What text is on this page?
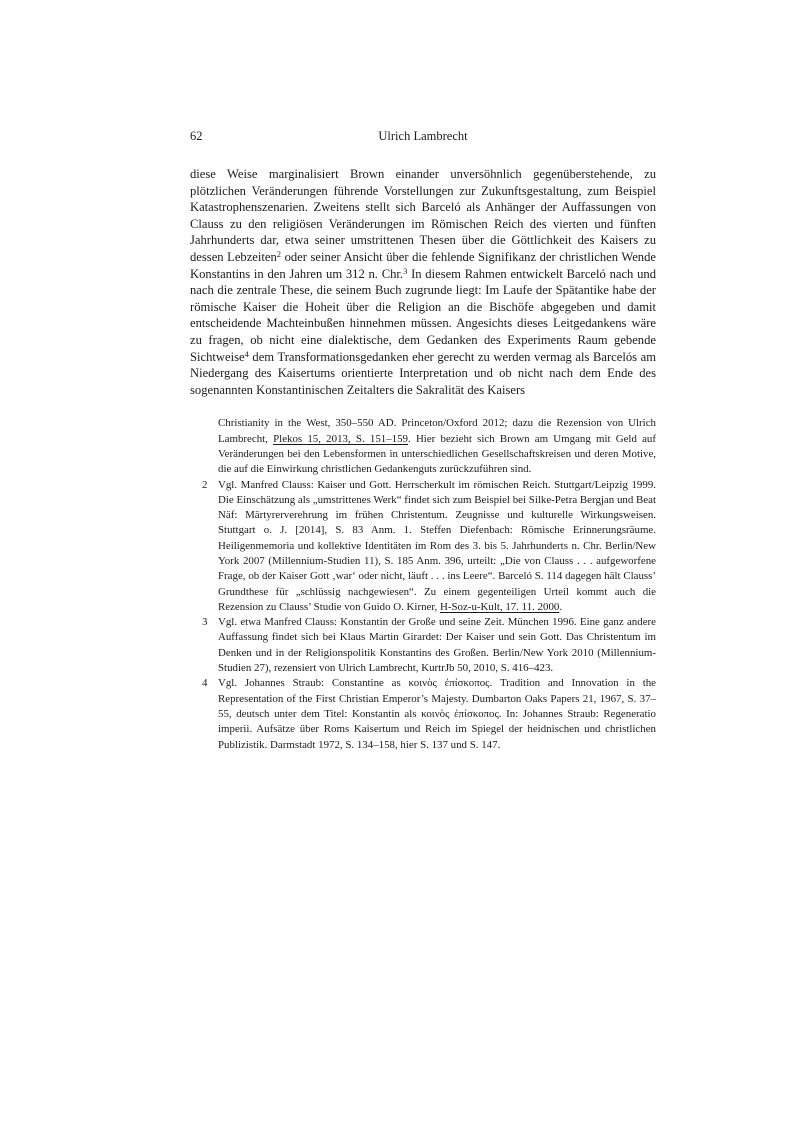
62	Ulrich Lambrecht

diese Weise marginalisiert Brown einander unversöhnlich gegenüberstehende, zu plötzlichen Veränderungen führende Vorstellungen zur Zukunftsgestaltung, zum Beispiel Katastrophenszenarien. Zweitens stellt sich Barceló als Anhänger der Auffassungen von Clauss zu den religiösen Veränderungen im Römischen Reich des vierten und fünften Jahrhunderts dar, etwa seiner umstrittenen Thesen über die Göttlichkeit des Kaisers zu dessen Lebzeiten$^2$ oder seiner Ansicht über die fehlende Signifikanz der christlichen Wende Konstantins in den Jahren um 312 n. Chr.$^3$ In diesem Rahmen entwickelt Barceló nach und nach die zentrale These, die seinem Buch zugrunde liegt: Im Laufe der Spätantike habe der römische Kaiser die Hoheit über die Religion an die Bischöfe abgegeben und damit entscheidende Machteinbußen hinnehmen müssen. Angesichts dieses Leitgedankens wäre zu fragen, ob nicht eine dialektische, dem Gedanken des Experiments Raum gebende Sichtweise$^4$ dem Transformationsgedanken eher gerecht zu werden vermag als Barcelós am Niedergang des Kaisertums orientierte Interpretation und ob nicht nach dem Ende des sogenannten Konstantinischen Zeitalters die Sakralität des Kaisers

Christianity in the West, 350–550 AD. Princeton/Oxford 2012; dazu die Rezension von Ulrich Lambrecht, Plekos 15, 2013, S. 151–159. Hier bezieht sich Brown am Umgang mit Geld auf Veränderungen bei den Lebensformen in unterschiedlichen Gesellschaftskreisen und deren Motive, die auf die Einwirkung christlichen Gedankenguts zurückzuführen sind.
2 Vgl. Manfred Clauss: Kaiser und Gott. Herrscherkult im römischen Reich. Stuttgart/Leipzig 1999. Die Einschätzung als „umstrittenes Werk“ findet sich zum Beispiel bei Silke-Petra Bergjan und Beat Näf: Märtyrerverehrung im frühen Christentum. Zeugnisse und kulturelle Wirkungsweisen. Stuttgart o. J. [2014], S. 83 Anm. 1. Steffen Diefenbach: Römische Erinnerungsräume. Heiligenmemoria und kollektive Identitäten im Rom des 3. bis 5. Jahrhunderts n. Chr. Berlin/New York 2007 (Millennium-Studien 11), S. 185 Anm. 396, urteilt: „Die von Clauss . . . aufgeworfene Frage, ob der Kaiser Gott ‚war‘ oder nicht, läuft . . . ins Leere“. Barceló S. 114 dagegen hält Clauss’ Grundthese für „schlüssig nachgewiesen“. Zu einem gegenteiligen Urteil kommt auch die Rezension zu Clauss’ Studie von Guido O. Kirner, H-Soz-u-Kult, 17. 11. 2000.
3 Vgl. etwa Manfred Clauss: Konstantin der Große und seine Zeit. München 1996. Eine ganz andere Auffassung findet sich bei Klaus Martin Girardet: Der Kaiser und sein Gott. Das Christentum im Denken und in der Religionspolitik Konstantins des Großen. Berlin/New York 2010 (Millennium-Studien 27), rezensiert von Ulrich Lambrecht, KurtrJb 50, 2010, S. 416–423.
4 Vgl. Johannes Straub: Constantine as κοινὸς ἐπίσκοπος. Tradition and Innovation in the Representation of the First Christian Emperor’s Majesty. Dumbarton Oaks Papers 21, 1967, S. 37–55, deutsch unter dem Titel: Konstantin als κοινὸς ἐπίσκοπος. In: Johannes Straub: Regeneratio imperii. Aufsätze über Roms Kaisertum und Reich im Spiegel der heidnischen und christlichen Publizistik. Darmstadt 1972, S. 134–158, hier S. 137 und S. 147.
